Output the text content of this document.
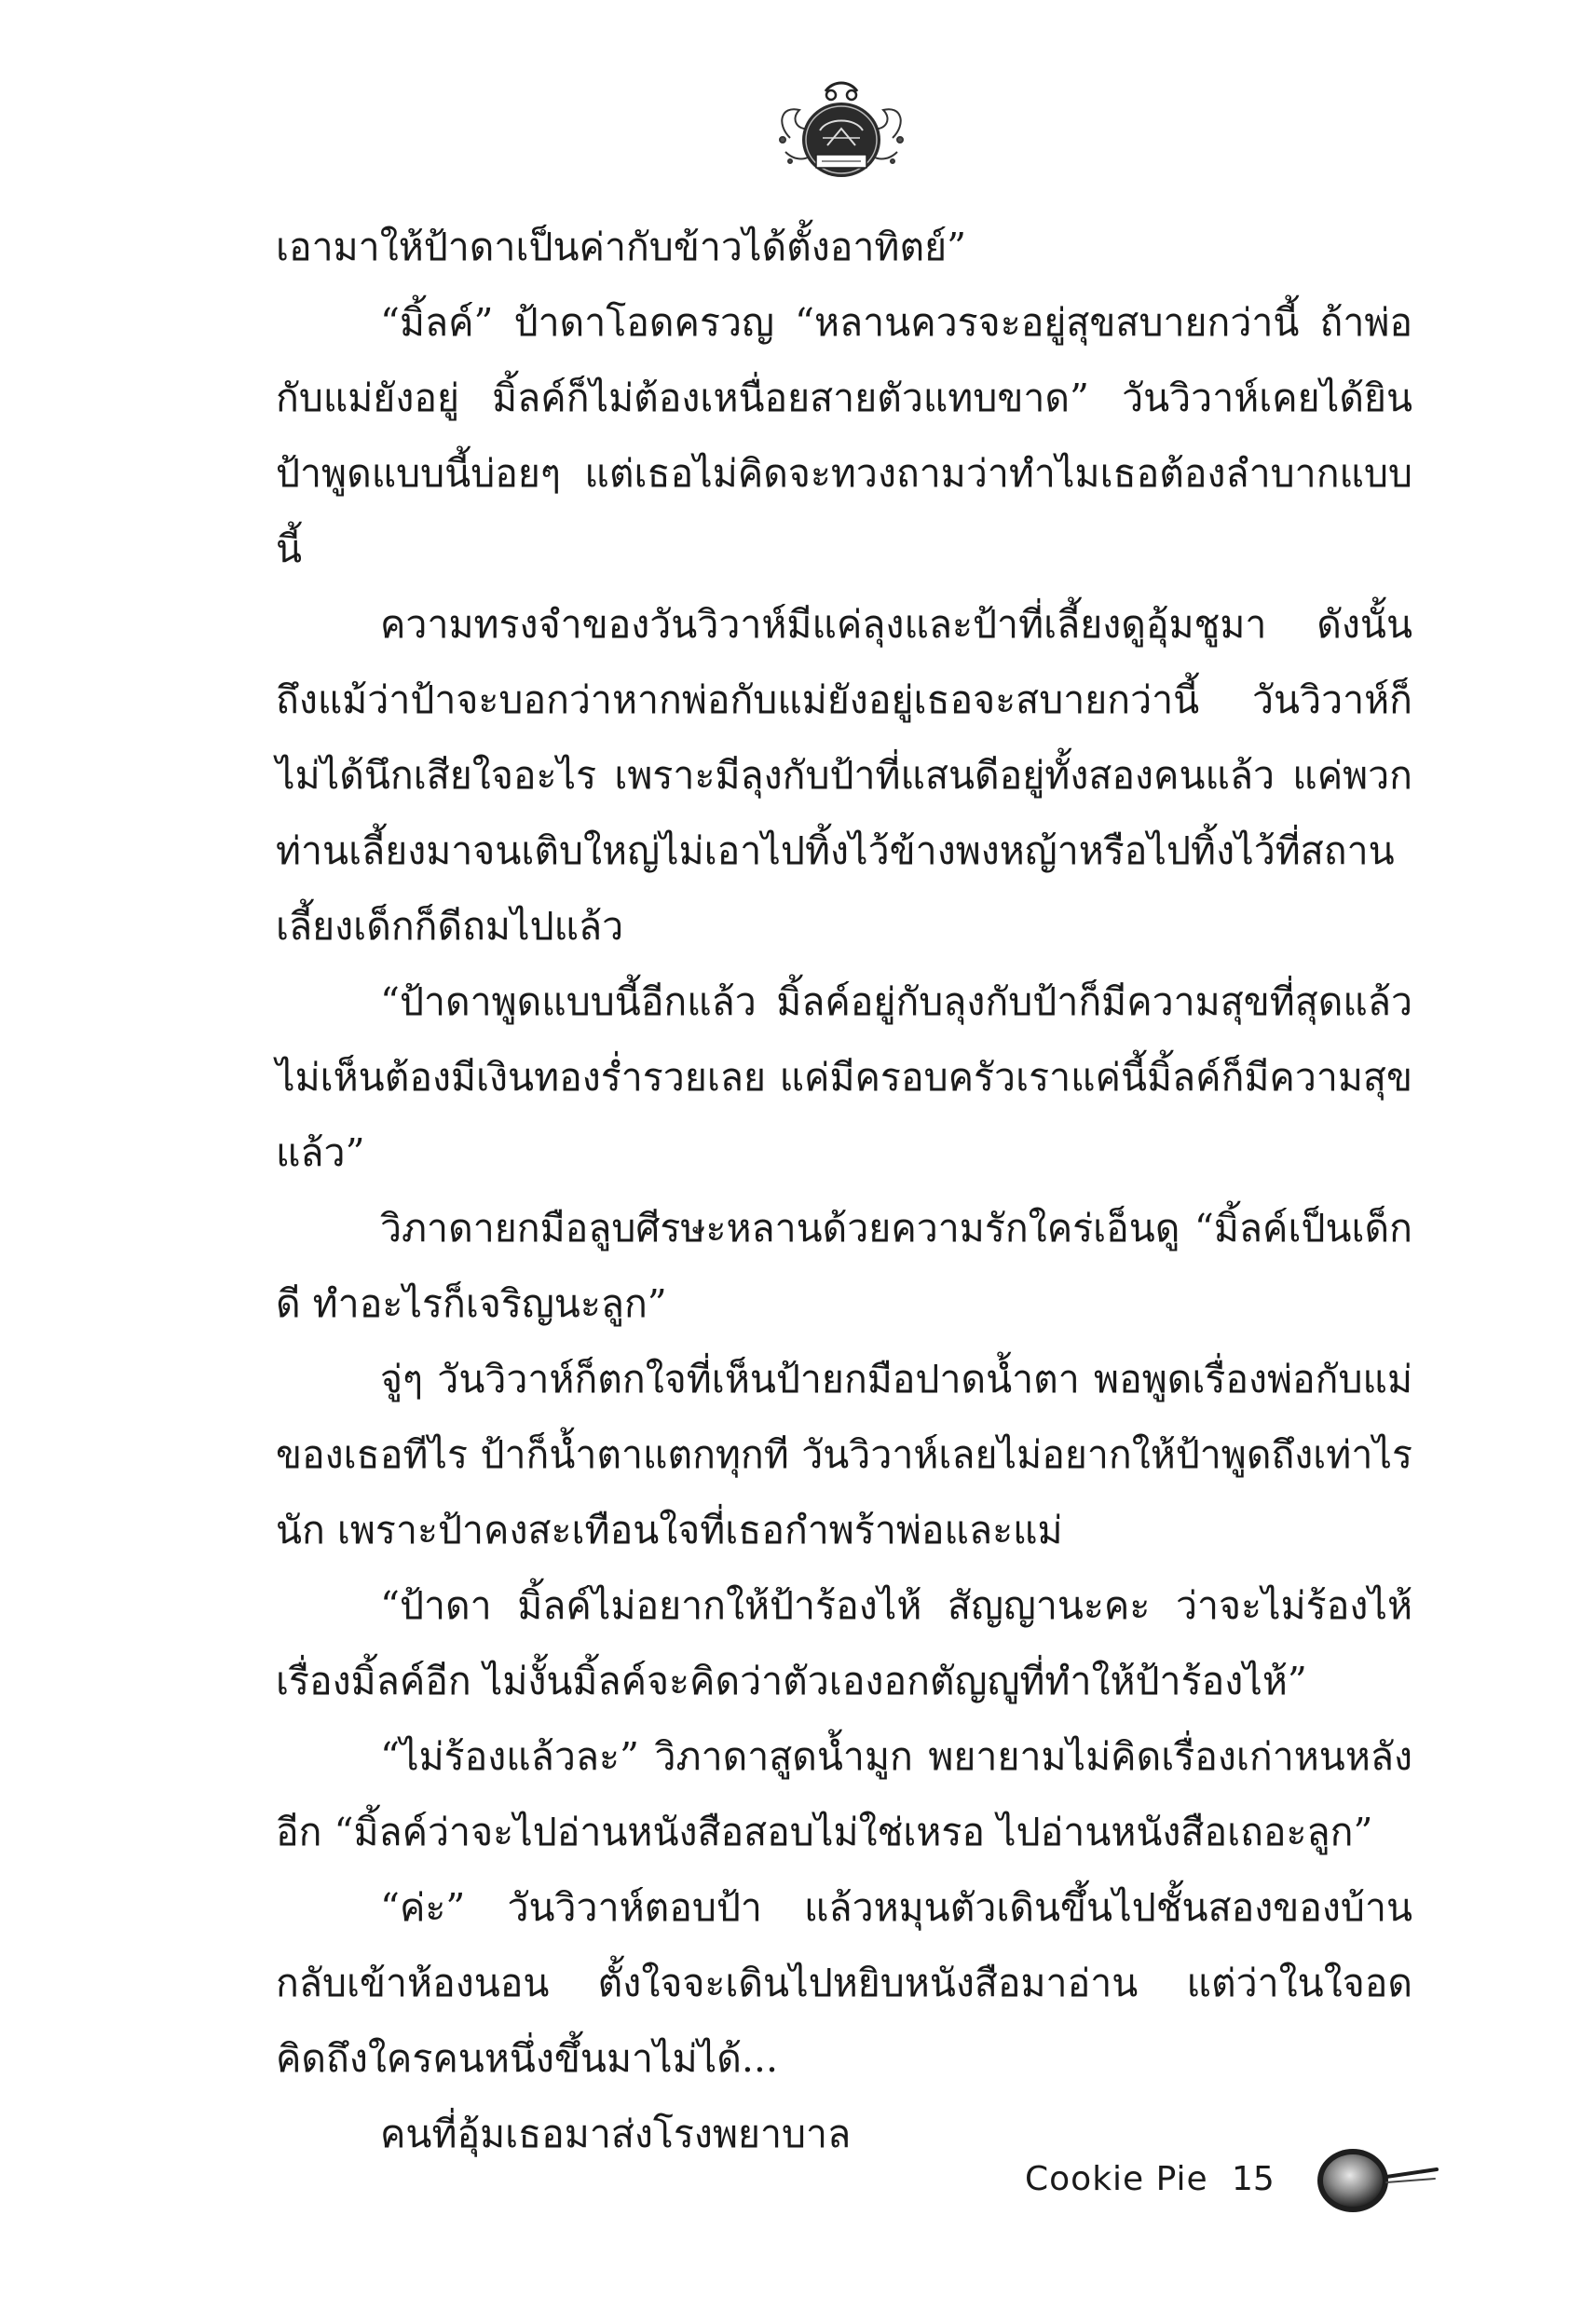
เอามาให้ป้าดาเป็นค่ากับข้าวได้ตั้งอาทิตย์”

“มิ้ลค์” ป้าดาโอดครวญ “หลานควรจะอยู่สุขสบายกว่านี้ ถ้าพ่อกับแม่ยังอยู่ มิ้ลค์ก็ไม่ต้องเหนื่อยสายตัวแทบขาด” วันวิวาห์เคยได้ยินป้าพูดแบบนี้บ่อยๆ แต่เธอไม่คิดจะทวงถามว่าทำไมเธอต้องลำบากแบบนี้

ความทรงจำของวันวิวาห์มีแค่ลุงและป้าที่เลี้ยงดูอุ้มชูมา ดังนั้นถึงแม้ว่าป้าจะบอกว่าหากพ่อกับแม่ยังอยู่เธอจะสบายกว่านี้ วันวิวาห์ก็ไม่ได้นึกเสียใจอะไร เพราะมีลุงกับป้าที่แสนดีอยู่ทั้งสองคนแล้ว แค่พวกท่านเลี้ยงมาจนเติบใหญ่ไม่เอาไปทิ้งไว้ข้างพงหญ้าหรือไปทิ้งไว้ที่สถานเลี้ยงเด็กก็ดีถมไปแล้ว

“ป้าดาพูดแบบนี้อีกแล้ว มิ้ลค์อยู่กับลุงกับป้าก็มีความสุขที่สุดแล้ว ไม่เห็นต้องมีเงินทองร่ำรวยเลย แค่มีครอบครัวเราแค่นี้มิ้ลค์ก็มีความสุขแล้ว”

วิภาดายกมือลูบศีรษะหลานด้วยความรักใคร่เอ็นดู “มิ้ลค์เป็นเด็กดี ทำอะไรก็เจริญนะลูก”

จู่ๆ วันวิวาห์ก็ตกใจที่เห็นป้ายกมือปาดน้ำตา พอพูดเรื่องพ่อกับแม่ของเธอทีไร ป้าก็น้ำตาแตกทุกที วันวิวาห์เลยไม่อยากให้ป้าพูดถึงเท่าไรนัก เพราะป้าคงสะเทือนใจที่เธอกำพร้าพ่อและแม่

“ป้าดา มิ้ลค์ไม่อยากให้ป้าร้องไห้ สัญญานะคะ ว่าจะไม่ร้องไห้เรื่องมิ้ลค์อีก ไม่งั้นมิ้ลค์จะคิดว่าตัวเองอกตัญญูที่ทำให้ป้าร้องไห้”

“ไม่ร้องแล้วละ” วิภาดาสูดน้ำมูก พยายามไม่คิดเรื่องเก่าหนหลังอีก “มิ้ลค์ว่าจะไปอ่านหนังสือสอบไม่ใช่เหรอ ไปอ่านหนังสือเถอะลูก”

“ค่ะ” วันวิวาห์ตอบป้า แล้วหมุนตัวเดินขึ้นไปชั้นสองของบ้านกลับเข้าห้องนอน ตั้งใจจะเดินไปหยิบหนังสือมาอ่าน แต่ว่าในใจอดคิดถึงใครคนหนึ่งขึ้นมาไม่ได้...

คนที่อุ้มเธอมาส่งโรงพยาบาล

Cookie Pie 15
